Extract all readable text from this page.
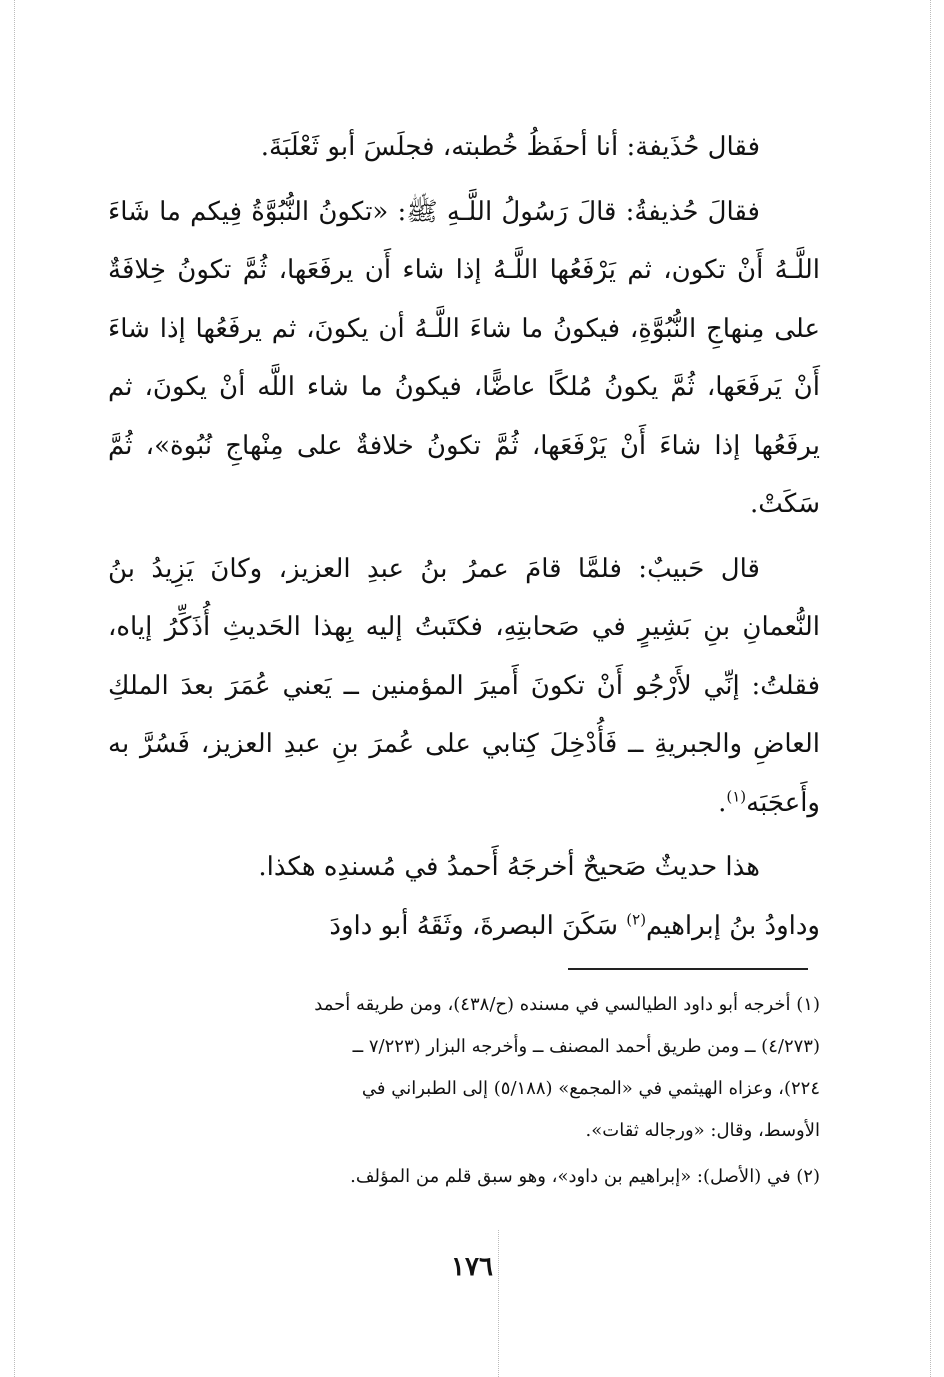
فقال حُذَيفة: أنا أحفَظُ خُطبته، فجلَسَ أبو ثَعْلَبَةَ.

فقالَ حُذيفةُ: قالَ رَسُولُ اللَّـهِ ﷺ: «تكونُ النُّبُوَّةُ فِيكم ما شَاءَ اللَّـهُ أَنْ تكون، ثم يَرْفَعُها اللَّـهُ إذا شاء أَن يرفَعَها، ثُمَّ تكونُ خِلافَةٌ على مِنهاجِ النُّبُوَّةِ، فيكونُ ما شاءَ اللَّـهُ أن يكونَ، ثم يرفَعُها إذا شاءَ أَنْ يَرفَعَها، ثُمَّ يكونُ مُلكًا عاضًّا، فيكونُ ما شاء اللَّه أنْ يكونَ، ثم يرفَعُها إذا شاءَ أَنْ يَرْفَعَها، ثُمَّ تكونُ خلافةٌ على مِنْهاجِ نُبُوة»، ثُمَّ سَكَتْ.

قال حَبيبٌ: فلمَّا قامَ عمرُ بنُ عبدِ العزيز، وكانَ يَزِيدُ بنُ النُّعمانِ بنِ بَشِيرٍ في صَحابتِهِ، فكتَبتُ إليه بِهذا الحَديثِ أُذَكِّرُ إياه، فقلتُ: إنِّي لأَرْجُو أَنْ تكونَ أَميرَ المؤمنين ــ يَعني عُمَرَ بعدَ الملكِ العاضِ والجبريةِ ــ فَأُدْخِلَ كِتابي على عُمرَ بنِ عبدِ العزيز، فَسُرَّ به وأَعجَبَه$^{(١)}$.

هذا حديثٌ صَحيحٌ أخرجَهُ أَحمدُ في مُسندِه هكذا.

وداودُ بنُ إبراهيم$^{(٢)}$ سَكَنَ البصرةَ، وثَقَهُ أبو داودَ

(١) أخرجه أبو داود الطيالسي في مسنده (ح/٤٣٨)، ومن طريقه أحمد

(٤/٢٧٣) ــ ومن طريق أحمد المصنف ــ وأخرجه البزار (٧/٢٢٣ ــ

٢٢٤)، وعزاه الهيثمي في «المجمع» (٥/١٨٨) إلى الطبراني في

الأوسط، وقال: «ورجاله ثقات».

(٢) في (الأصل): «إبراهيم بن داود»، وهو سبق قلم من المؤلف.

١٧٦
